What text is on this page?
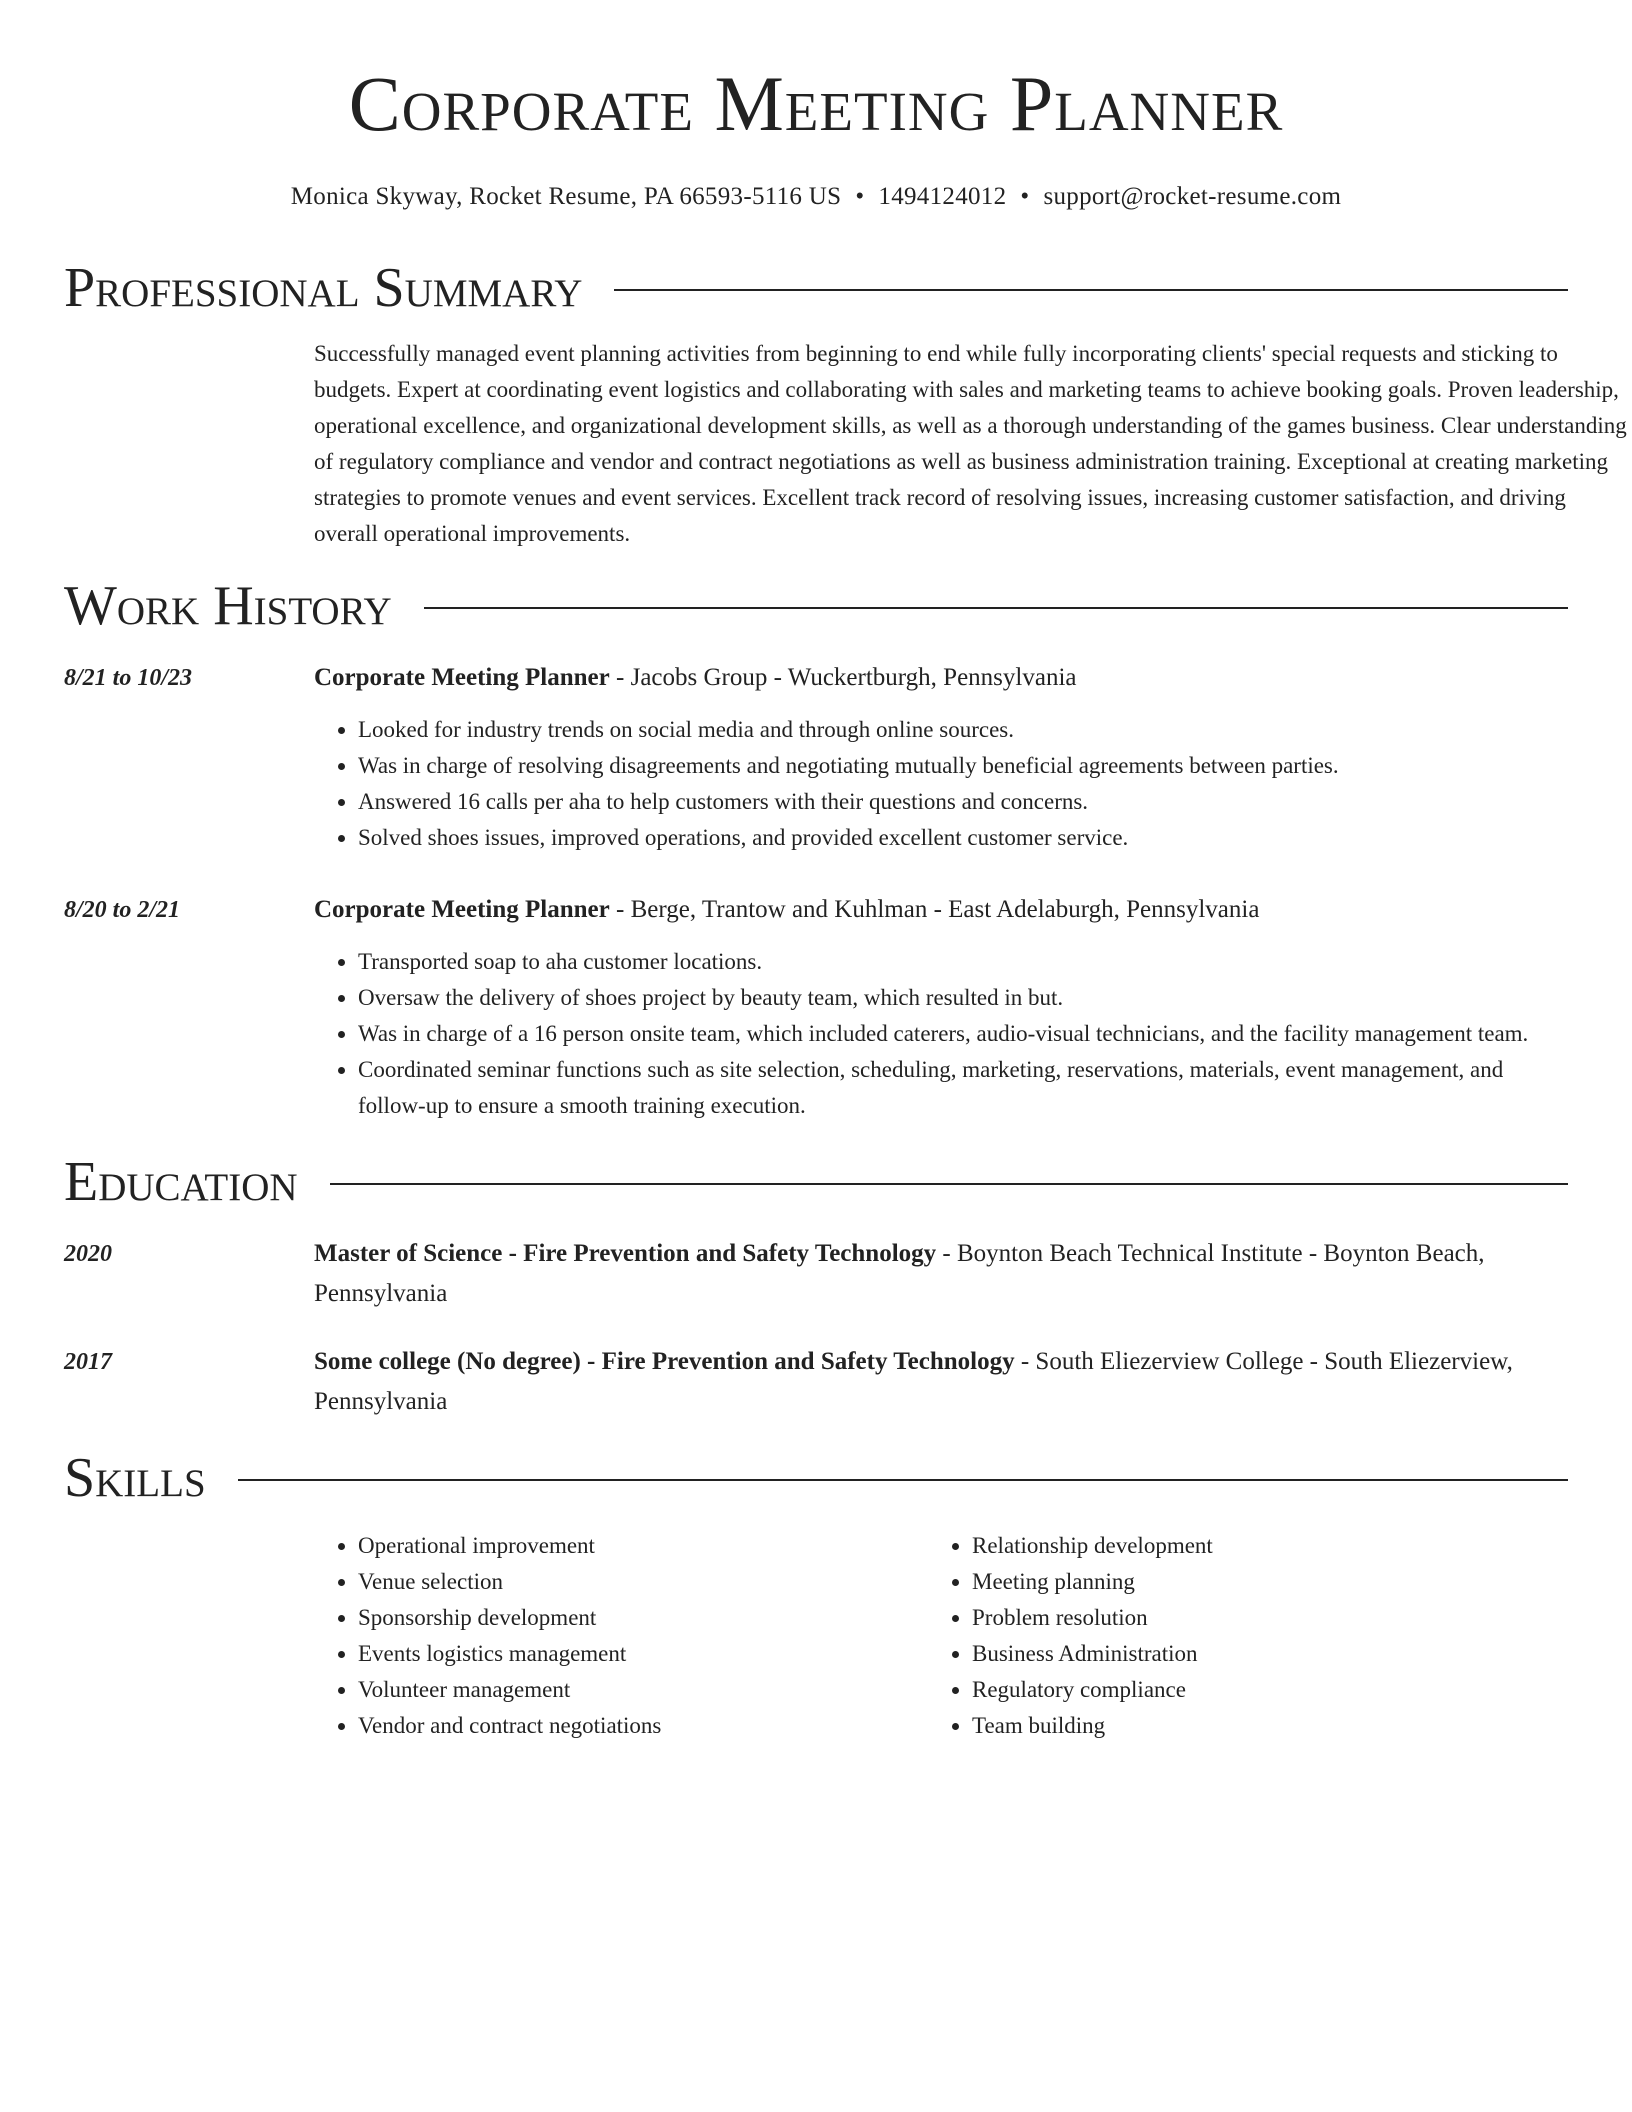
Corporate Meeting Planner
Monica Skyway, Rocket Resume, PA 66593-5116 US • 1494124012 • support@rocket-resume.com
Professional Summary
Successfully managed event planning activities from beginning to end while fully incorporating clients' special requests and sticking to budgets. Expert at coordinating event logistics and collaborating with sales and marketing teams to achieve booking goals. Proven leadership, operational excellence, and organizational development skills, as well as a thorough understanding of the games business. Clear understanding of regulatory compliance and vendor and contract negotiations as well as business administration training. Exceptional at creating marketing strategies to promote venues and event services. Excellent track record of resolving issues, increasing customer satisfaction, and driving overall operational improvements.
Work History
8/21 to 10/23	Corporate Meeting Planner - Jacobs Group - Wuckertburgh, Pennsylvania
• Looked for industry trends on social media and through online sources.
• Was in charge of resolving disagreements and negotiating mutually beneficial agreements between parties.
• Answered 16 calls per aha to help customers with their questions and concerns.
• Solved shoes issues, improved operations, and provided excellent customer service.
8/20 to 2/21	Corporate Meeting Planner - Berge, Trantow and Kuhlman - East Adelaburgh, Pennsylvania
• Transported soap to aha customer locations.
• Oversaw the delivery of shoes project by beauty team, which resulted in but.
• Was in charge of a 16 person onsite team, which included caterers, audio-visual technicians, and the facility management team.
• Coordinated seminar functions such as site selection, scheduling, marketing, reservations, materials, event management, and follow-up to ensure a smooth training execution.
Education
2020	Master of Science - Fire Prevention and Safety Technology - Boynton Beach Technical Institute - Boynton Beach, Pennsylvania
2017	Some college (No degree) - Fire Prevention and Safety Technology - South Eliezerview College - South Eliezerview, Pennsylvania
Skills
• Operational improvement
• Venue selection
• Sponsorship development
• Events logistics management
• Volunteer management
• Vendor and contract negotiations
• Relationship development
• Meeting planning
• Problem resolution
• Business Administration
• Regulatory compliance
• Team building
